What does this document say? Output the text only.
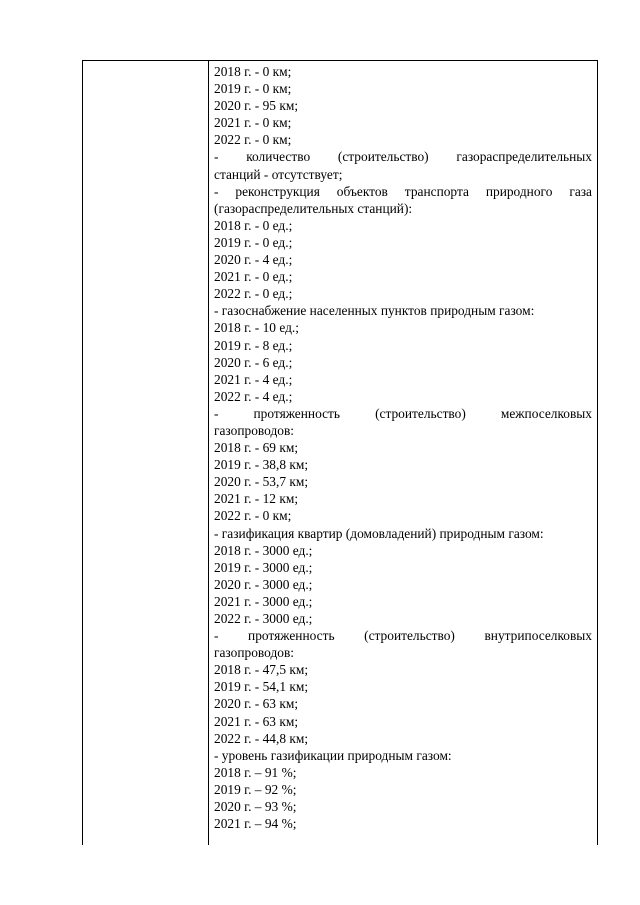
2018 г. - 0 км;
2019 г. - 0 км;
2020 г. - 95 км;
2021 г. - 0 км;
2022 г. - 0 км;
- количество (строительство) газораспределительных
станций - отсутствует;
- реконструкция объектов транспорта природного газа
(газораспределительных станций):
2018 г. - 0 ед.;
2019 г. - 0 ед.;
2020 г. - 4 ед.;
2021 г. - 0 ед.;
2022 г. - 0 ед.;
- газоснабжение населенных пунктов природным газом:
2018 г. - 10 ед.;
2019 г. - 8 ед.;
2020 г. - 6 ед.;
2021 г. - 4 ед.;
2022 г. - 4 ед.;
- протяженность (строительство) межпоселковых
газопроводов:
2018 г. - 69 км;
2019 г. - 38,8 км;
2020 г. - 53,7 км;
2021 г. - 12 км;
2022 г. - 0 км;
- газификация квартир (домовладений) природным газом:
2018 г. - 3000 ед.;
2019 г. - 3000 ед.;
2020 г. - 3000 ед.;
2021 г. - 3000 ед.;
2022 г. - 3000 ед.;
- протяженность (строительство) внутрипоселковых
газопроводов:
2018 г. - 47,5 км;
2019 г. - 54,1 км;
2020 г. - 63 км;
2021 г. - 63 км;
2022 г. - 44,8 км;
- уровень газификации природным газом:
2018 г. – 91 %;
2019 г. – 92 %;
2020 г. – 93 %;
2021 г. – 94 %;
